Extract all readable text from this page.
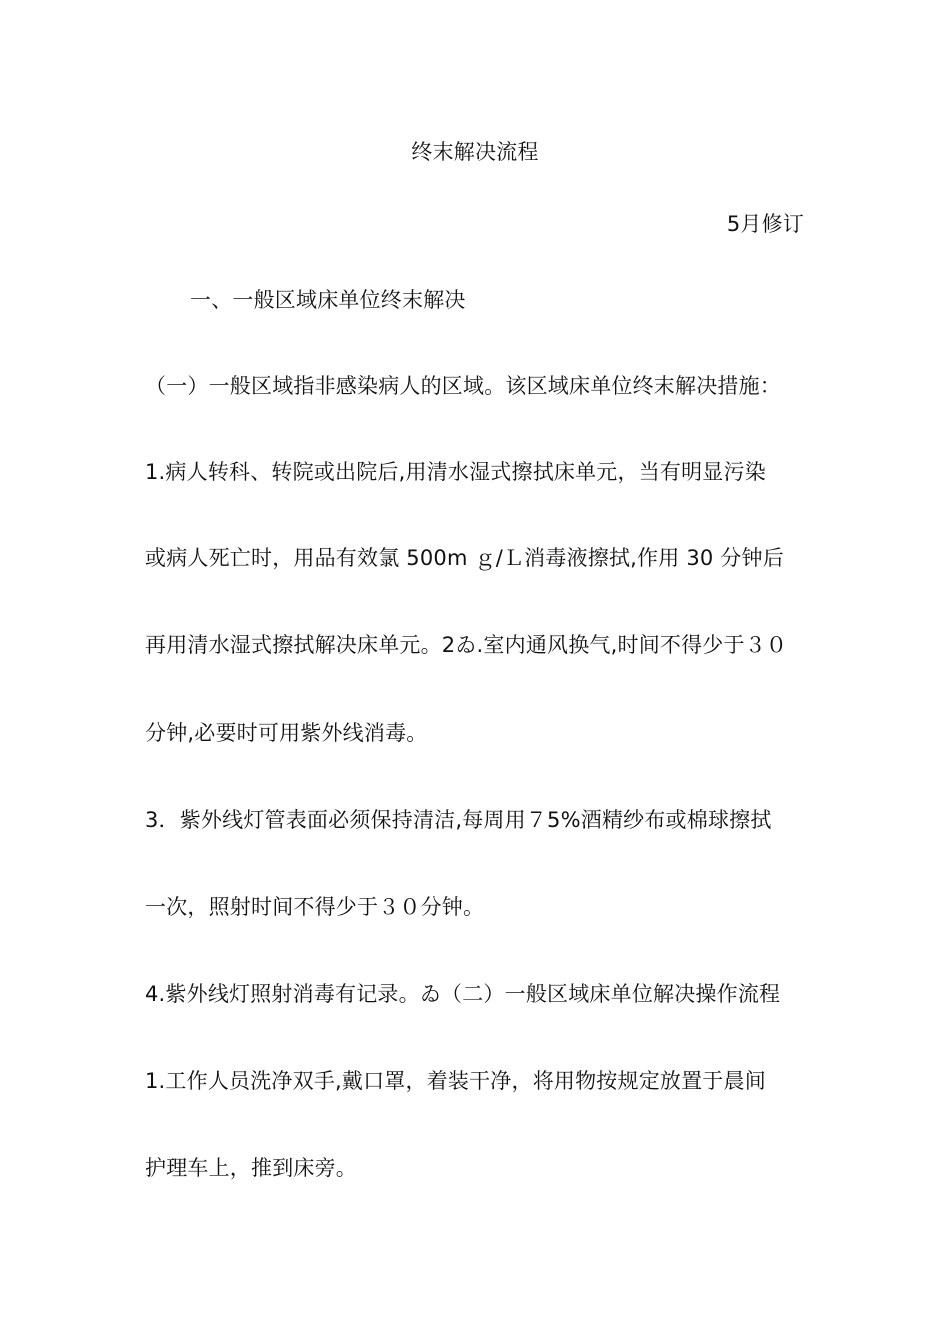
终末解决流程
5月修订
一、一般区域床单位终末解决
（一）一般区域指非感染病人的区域。该区域床单位终末解决措施：
1.病人转科、转院或出院后,用清水湿式擦拭床单元，当有明显污染
或病人死亡时，用品有效氯 500m ｇ/Ｌ消毒液擦拭,作用 30 分钟后
再用清水湿式擦拭解决床单元。2ゐ.室内通风换气,时间不得少于３０
分钟,必要时可用紫外线消毒。
3．紫外线灯管表面必须保持清洁,每周用７5%酒精纱布或棉球擦拭
一次，照射时间不得少于３０分钟。
4.紫外线灯照射消毒有记录。ゐ（二）一般区域床单位解决操作流程
1.工作人员洗净双手,戴口罩，着装干净，将用物按规定放置于晨间
护理车上，推到床旁。
